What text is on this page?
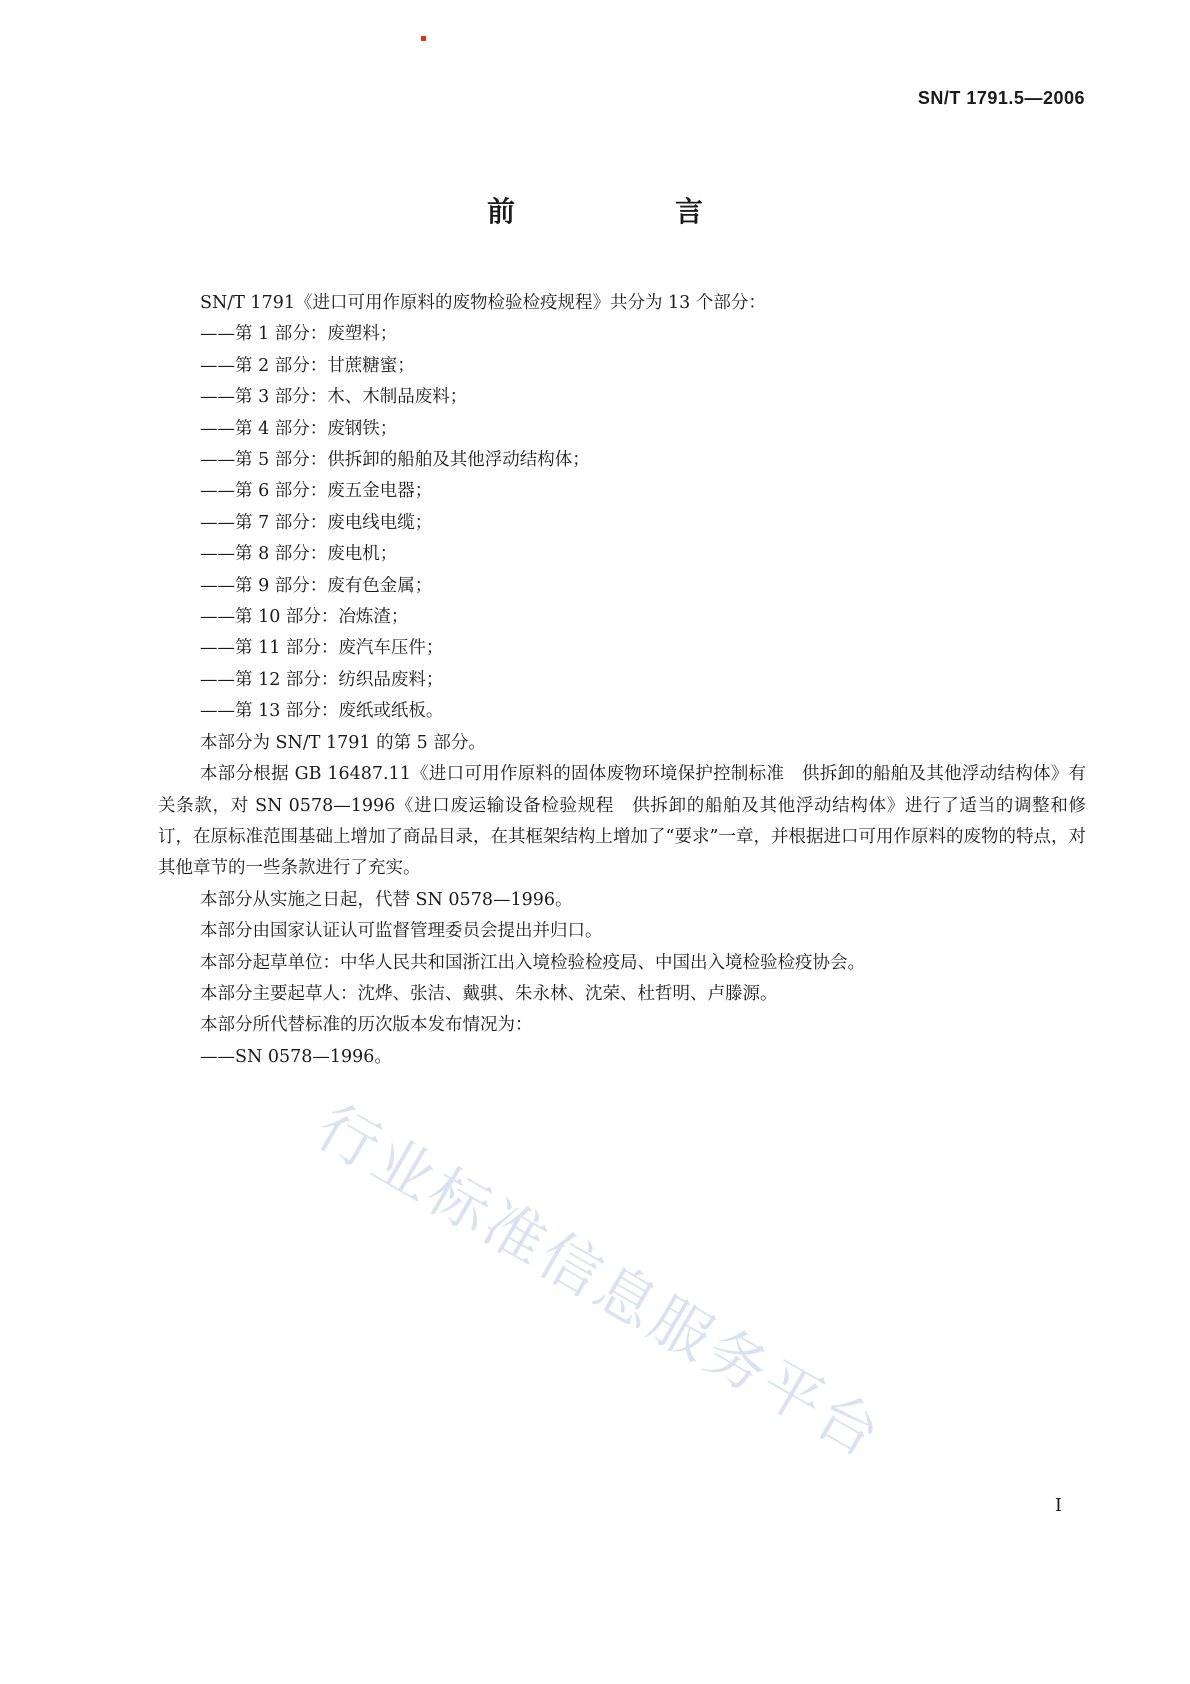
SN/T 1791.5—2006
前　言

SN/T 1791《进口可用作原料的废物检验检疫规程》共分为 13 个部分：

——第 1 部分：废塑料；

——第 2 部分：甘蔗糖蜜；

——第 3 部分：木、木制品废料；

——第 4 部分：废钢铁；

——第 5 部分：供拆卸的船舶及其他浮动结构体；

——第 6 部分：废五金电器；

——第 7 部分：废电线电缆；

——第 8 部分：废电机；

——第 9 部分：废有色金属；

——第 10 部分：冶炼渣；

——第 11 部分：废汽车压件；

——第 12 部分：纺织品废料；

——第 13 部分：废纸或纸板。

本部分为 SN/T 1791 的第 5 部分。

本部分根据 GB 16487.11《进口可用作原料的固体废物环境保护控制标准　供拆卸的船舶及其他浮动结构体》有关条款，对 SN 0578—1996《进口废运输设备检验规程　供拆卸的船舶及其他浮动结构体》进行了适当的调整和修订，在原标准范围基础上增加了商品目录，在其框架结构上增加了“要求”一章，并根据进口可用作原料的废物的特点，对其他章节的一些条款进行了充实。

本部分从实施之日起，代替 SN 0578—1996。

本部分由国家认证认可监督管理委员会提出并归口。

本部分起草单位：中华人民共和国浙江出入境检验检疫局、中国出入境检验检疫协会。

本部分主要起草人：沈烨、张洁、戴骐、朱永林、沈荣、杜哲明、卢滕源。

本部分所代替标准的历次版本发布情况为：

——SN 0578—1996。

行业标准信息服务平台
I
